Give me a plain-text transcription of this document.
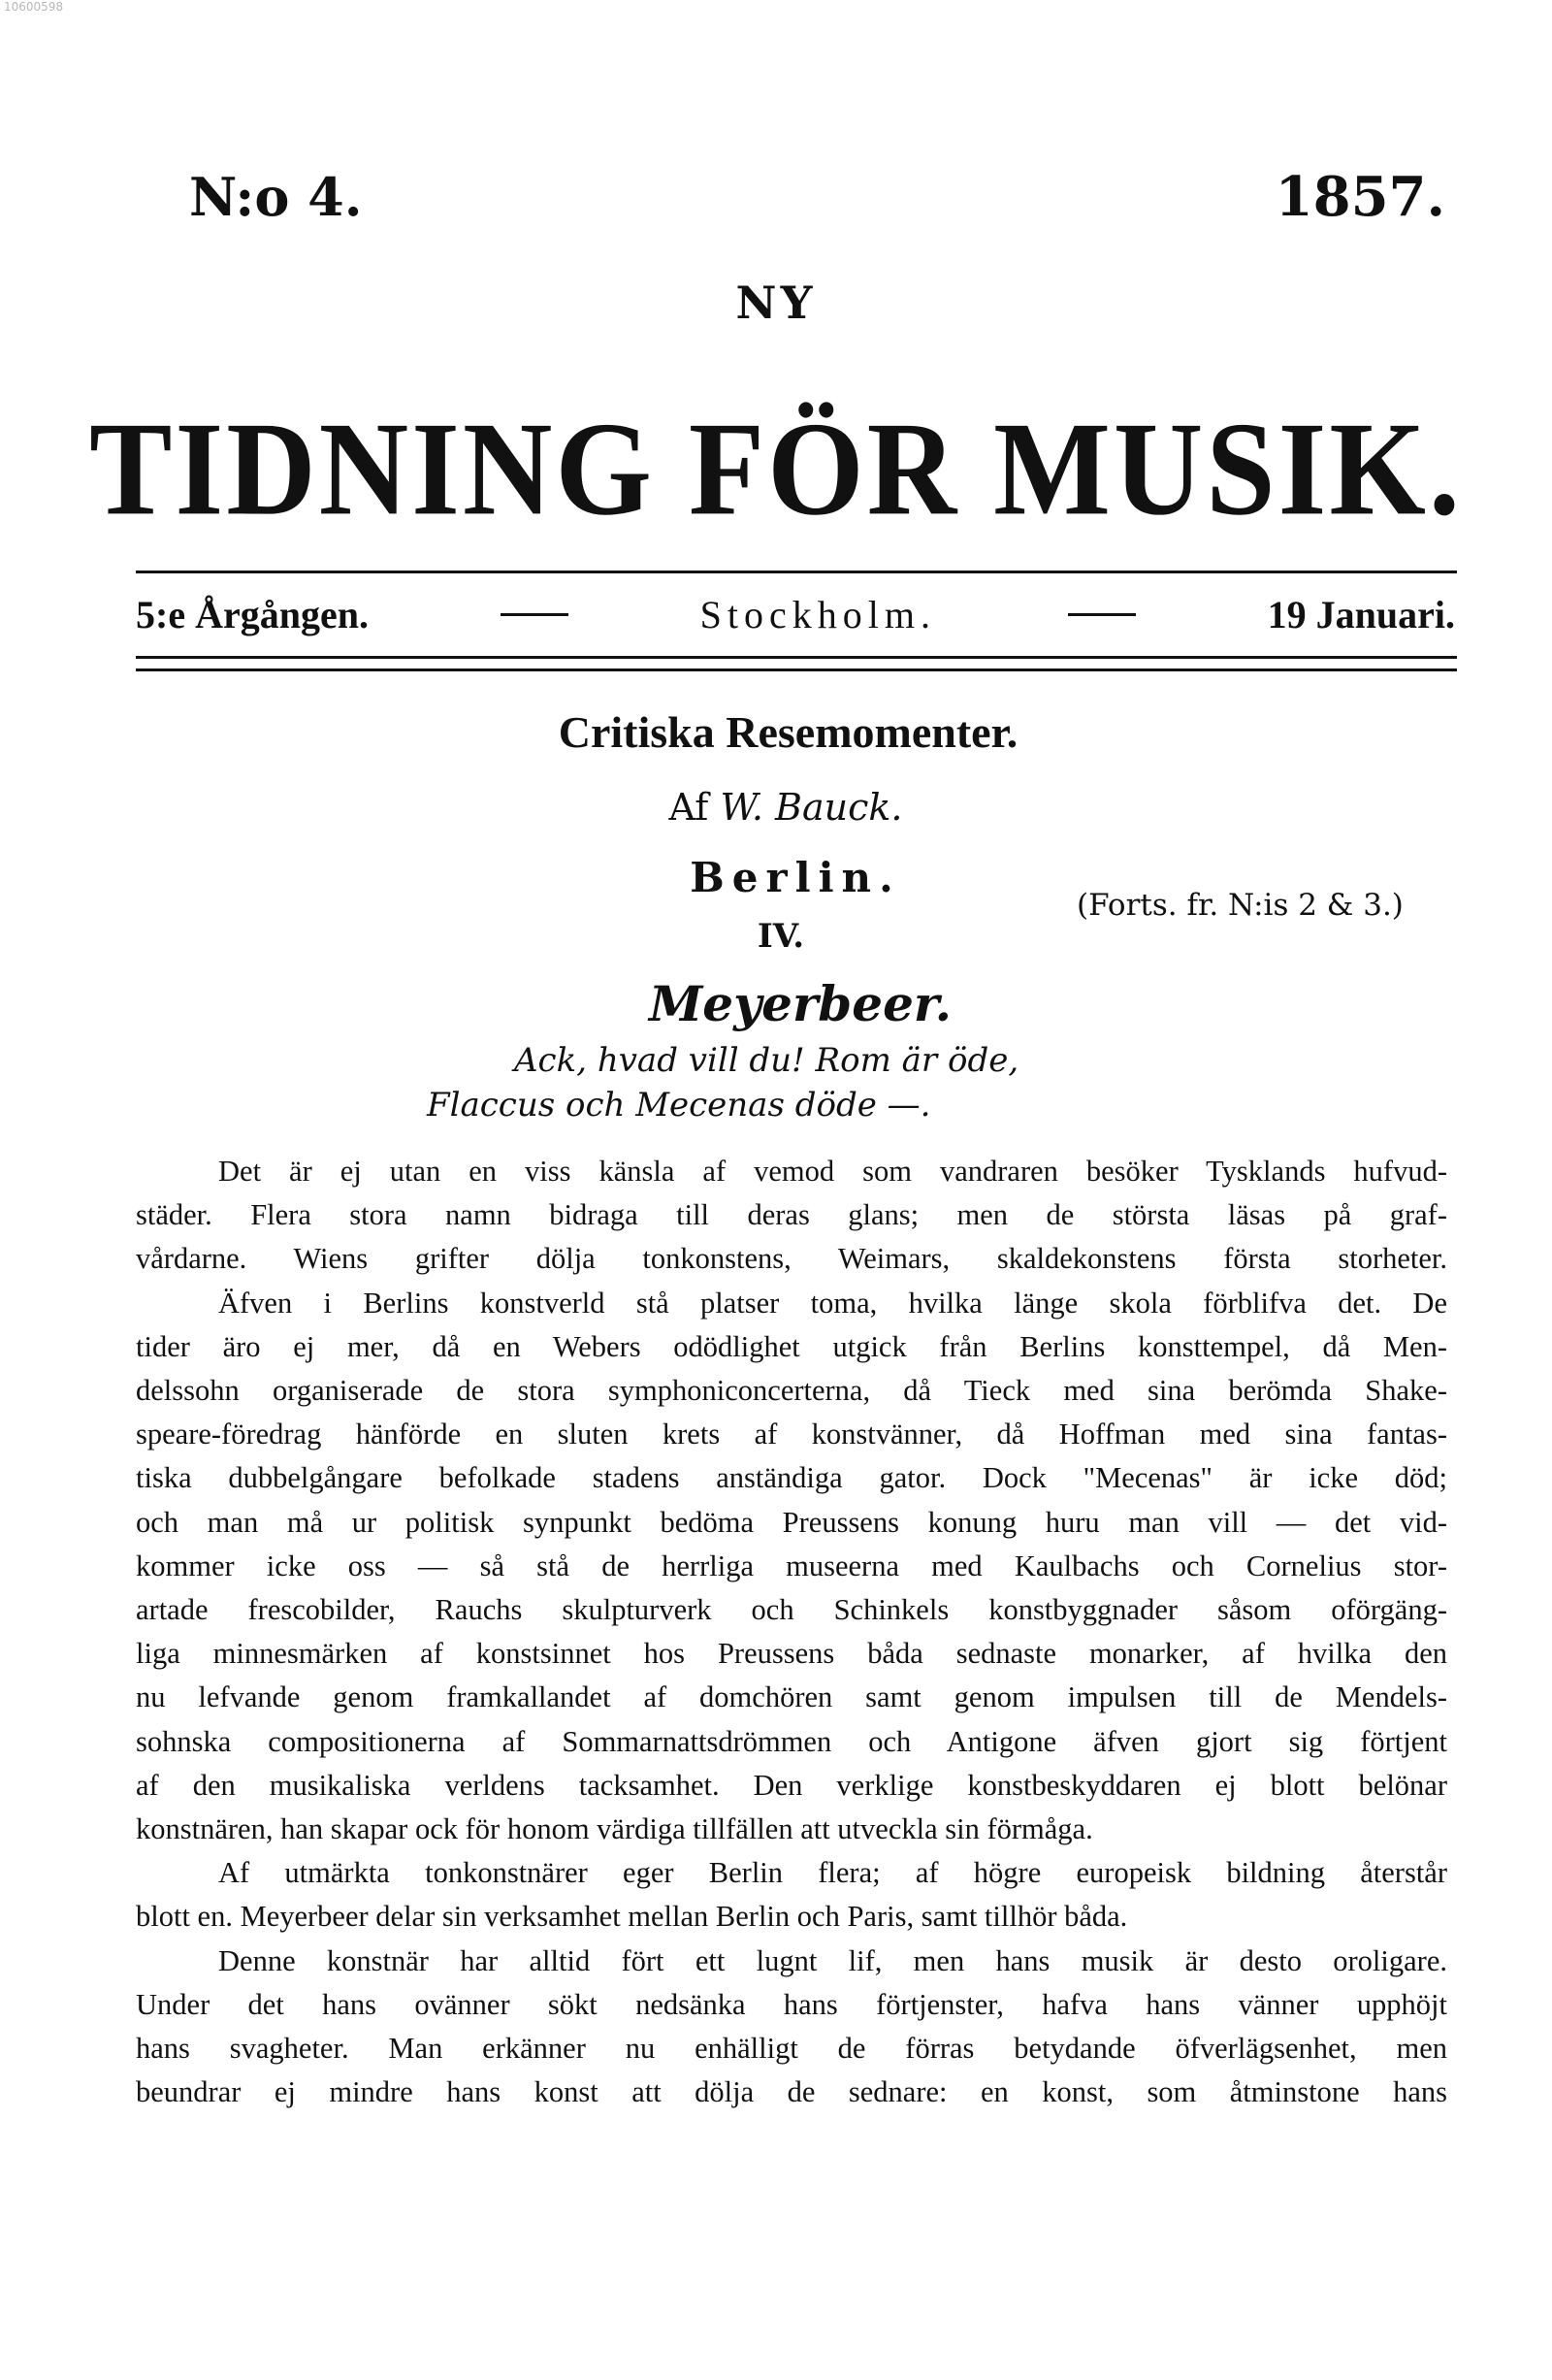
10600598
N:o 4.	1857.
NY
TIDNING FÖR MUSIK.
5:e Årgången.	Stockholm.	19 Januari.
Critiska Resemomenter.
Af W. Bauck.
Berlin.
(Forts. fr. N:is 2 & 3.)
IV.
Meyerbeer.
Ack, hvad vill du! Rom är öde,
Flaccus och Mecenas döde —.
Det är ej utan en viss känsla af vemod som vandraren besöker Tysklands hufvud-
städer. Flera stora namn bidraga till deras glans; men de största läsas på graf-
vårdarne. Wiens grifter dölja tonkonstens, Weimars, skaldekonstens första storheter.
Äfven i Berlins konstverld stå platser toma, hvilka länge skola förblifva det. De
tider äro ej mer, då en Webers odödlighet utgick från Berlins konsttempel, då Men-
delssohn organiserade de stora symphoniconcerterna, då Tieck med sina berömda Shake-
speare-föredrag hänförde en sluten krets af konstvänner, då Hoffman med sina fantas-
tiska dubbelgångare befolkade stadens anständiga gator. Dock "Mecenas" är icke död;
och man må ur politisk synpunkt bedöma Preussens konung huru man vill — det vid-
kommer icke oss — så stå de herrliga museerna med Kaulbachs och Cornelius stor-
artade frescobilder, Rauchs skulpturverk och Schinkels konstbyggnader såsom oförgäng-
liga minnesmärken af konstsinnet hos Preussens båda sednaste monarker, af hvilka den
nu lefvande genom framkallandet af domchören samt genom impulsen till de Mendels-
sohnska compositionerna af Sommarnattsdrömmen och Antigone äfven gjort sig förtjent
af den musikaliska verldens tacksamhet. Den verklige konstbeskyddaren ej blott belönar
konstnären, han skapar ock för honom värdiga tillfällen att utveckla sin förmåga.
Af utmärkta tonkonstnärer eger Berlin flera; af högre europeisk bildning återstår
blott en. Meyerbeer delar sin verksamhet mellan Berlin och Paris, samt tillhör båda.
Denne konstnär har alltid fört ett lugnt lif, men hans musik är desto oroligare.
Under det hans ovänner sökt nedsänka hans förtjenster, hafva hans vänner upphöjt
hans svagheter. Man erkänner nu enhälligt de förras betydande öfverlägsenhet, men
beundrar ej mindre hans konst att dölja de sednare: en konst, som åtminstone hans
